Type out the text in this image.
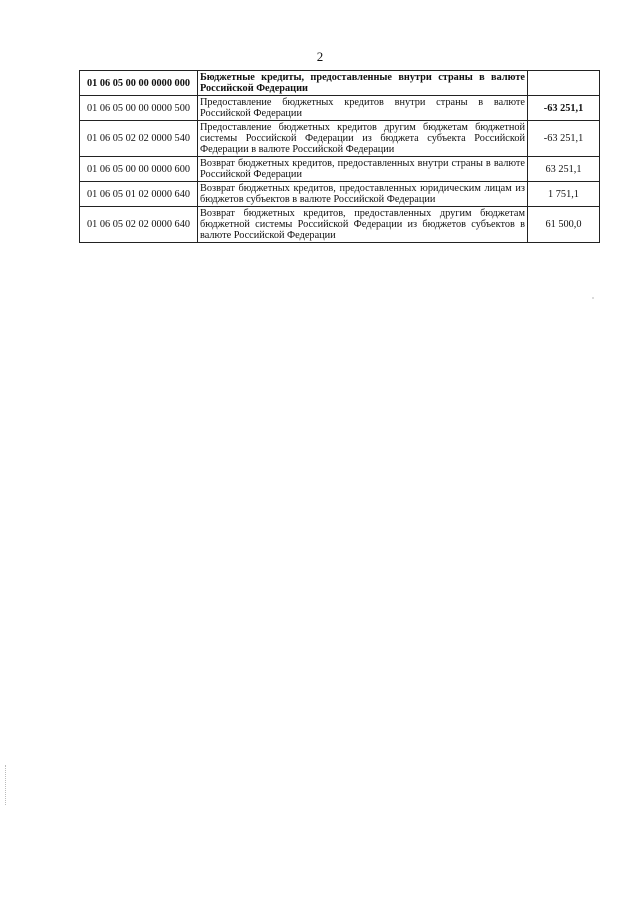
2
01 06 05 00 00 0000 000	Бюджетные кредиты, предоставленные внутри страны в валюте Российской Федерации	
01 06 05 00 00 0000 500	Предоставление бюджетных кредитов внутри страны в валюте Российской Федерации	-63 251,1
01 06 05 02 02 0000 540	Предоставление бюджетных кредитов другим бюджетам бюджетной системы Российской Федерации из бюджета субъекта Российской Федерации в валюте Российской Федерации	-63 251,1
01 06 05 00 00 0000 600	Возврат бюджетных кредитов, предоставленных внутри страны в валюте Российской Федерации	63 251,1
01 06 05 01 02 0000 640	Возврат бюджетных кредитов, предоставленных юридическим лицам из бюджетов субъектов в валюте Российской Федерации	1 751,1
01 06 05 02 02 0000 640	Возврат бюджетных кредитов, предоставленных другим бюджетам бюджетной системы Российской Федерации из бюджетов субъектов в валюте Российской Федерации	61 500,0
"
